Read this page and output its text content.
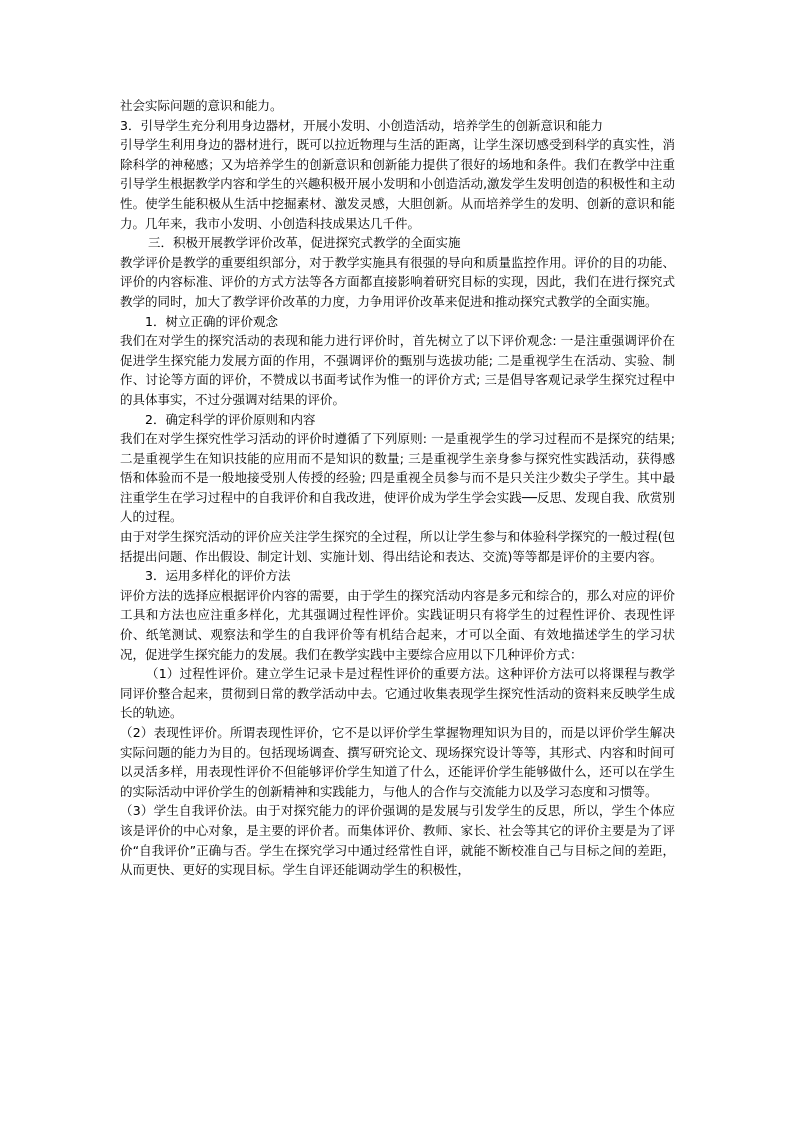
社会实际问题的意识和能力。

3．引导学生充分利用身边器材，开展小发明、小创造活动，培养学生的创新意识和能力

引导学生利用身边的器材进行，既可以拉近物理与生活的距离，让学生深切感受到科学的真实性，消除科学的神秘感；又为培养学生的创新意识和创新能力提供了很好的场地和条件。我们在教学中注重引导学生根据教学内容和学生的兴趣积极开展小发明和小创造活动,激发学生发明创造的积极性和主动性。使学生能积极从生活中挖掘素材、激发灵感，大胆创新。从而培养学生的发明、创新的意识和能力。几年来，我市小发明、小创造科技成果达几千件。

三．积极开展教学评价改革，促进探究式教学的全面实施

教学评价是教学的重要组织部分，对于教学实施具有很强的导向和质量监控作用。评价的目的功能、评价的内容标准、评价的方式方法等各方面都直接影响着研究目标的实现，因此，我们在进行探究式教学的同时，加大了教学评价改革的力度，力争用评价改革来促进和推动探究式教学的全面实施。

1．树立正确的评价观念

我们在对学生的探究活动的表现和能力进行评价时，首先树立了以下评价观念: 一是注重强调评价在促进学生探究能力发展方面的作用，不强调评价的甄别与选拔功能; 二是重视学生在活动、实验、制作、讨论等方面的评价，不赞成以书面考试作为惟一的评价方式; 三是倡导客观记录学生探究过程中的具体事实，不过分强调对结果的评价。

2．确定科学的评价原则和内容

我们在对学生探究性学习活动的评价时遵循了下列原则: 一是重视学生的学习过程而不是探究的结果; 二是重视学生在知识技能的应用而不是知识的数量; 三是重视学生亲身参与探究性实践活动，获得感悟和体验而不是一般地接受别人传授的经验; 四是重视全员参与而不是只关注少数尖子学生。其中最注重学生在学习过程中的自我评价和自我改进，使评价成为学生学会实践──反思、发现自我、欣赏别人的过程。

由于对学生探究活动的评价应关注学生探究的全过程，所以让学生参与和体验科学探究的一般过程(包括提出问题、作出假设、制定计划、实施计划、得出结论和表达、交流)等等都是评价的主要内容。

3．运用多样化的评价方法

评价方法的选择应根据评价内容的需要，由于学生的探究活动内容是多元和综合的，那么对应的评价工具和方法也应注重多样化，尤其强调过程性评价。实践证明只有将学生的过程性评价、表现性评价、纸笔测试、观察法和学生的自我评价等有机结合起来，才可以全面、有效地描述学生的学习状况，促进学生探究能力的发展。我们在教学实践中主要综合应用以下几种评价方式：

（1）过程性评价。建立学生记录卡是过程性评价的重要方法。这种评价方法可以将课程与教学同评价整合起来，贯彻到日常的教学活动中去。它通过收集表现学生探究性活动的资料来反映学生成长的轨迹。

（2）表现性评价。所谓表现性评价，它不是以评价学生掌握物理知识为目的，而是以评价学生解决实际问题的能力为目的。包括现场调查、撰写研究论文、现场探究设计等等，其形式、内容和时间可以灵活多样，用表现性评价不但能够评价学生知道了什么，还能评价学生能够做什么，还可以在学生的实际活动中评价学生的创新精神和实践能力，与他人的合作与交流能力以及学习态度和习惯等。

（3）学生自我评价法。由于对探究能力的评价强调的是发展与引发学生的反思，所以，学生个体应该是评价的中心对象，是主要的评价者。而集体评价、教师、家长、社会等其它的评价主要是为了评价“自我评价”正确与否。学生在探究学习中通过经常性自评，就能不断校准自己与目标之间的差距，从而更快、更好的实现目标。学生自评还能调动学生的积极性，
